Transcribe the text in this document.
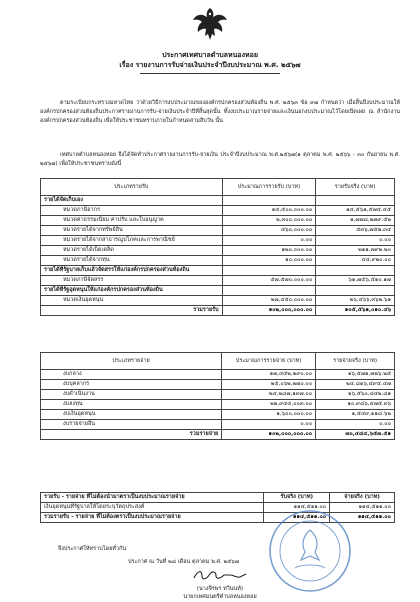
ประกาศเทศบาลตำบลหนองหอย
เรื่อง รายงานการรับจ่ายเงินประจำปีงบประมาณ พ.ศ. ๒๕๖๗
ตามระเบียบกระทรวงมหาดไทย ว่าด้วยวิธีการงบประมาณขององค์กรปกครองส่วนท้องถิ่น พ.ศ. ๒๕๖๓ ข้อ ๙๗ กำหนดว่า เมื่อสิ้นปีงบประมาณให้องค์กรปกครองส่วนท้องถิ่นประกาศรายงานการรับ-จ่ายเงินประจำปีที่สิ้นสุดนั้น ทั้งงบประมาณรายจ่ายและเงินนอกงบประมาณไว้โดยเปิดเผย ณ สำนักงานองค์กรปกครองส่วนท้องถิ่น เพื่อให้ประชาชนทราบภายในกำหนดสามสิบวัน นั้น
เทศบาลตำบลหนองหอย จึงได้จัดทำประกาศรายงานการรับ-จ่ายเงิน ประจำปีงบประมาณ พ.ศ.๒๕๖๗(๑ ตุลาคม พ.ศ. ๒๕๖๖ - ๓๐ กันยายน พ.ศ. ๒๕๖๗) เพื่อให้ประชาชนทราบดังนี้
ประเภทรายรับ	ประมาณการรายรับ (บาท)	รายรับจริง (บาท)
รายได้จัดเก็บเอง		
หมวดภาษีอากร	๑๔,๕๐๐,๐๐๐.๐๐	๑๔,๕๖๑,๕๗๔.๔๕
หมวดค่าธรรมเนียม ค่าปรับ และใบอนุญาต	๒,๓๐๐,๐๐๐.๐๐	๑,๗๗๘,๒๗๙.๕๒
หมวดรายได้จากทรัพย์สิน	๔๖๐,๐๐๐.๐๐	๕๓๖,๗๕๒.๓๔
หมวดรายได้จากสาธารณูปโภคและการพาณิชย์	๐.๐๐	๐.๐๐
หมวดรายได้เบ็ดเตล็ด	๑๒๐,๐๐๐.๐๐	๒๑๑,๗๙๒.๒๐
หมวดรายได้จากทุน	๑๐,๐๐๐.๐๐	๔๔,๙๒๐.๐๐
รายได้ที่รัฐบาลเก็บแล้วจัดสรรให้แก่องค์กรปกครองส่วนท้องถิ่น		
หมวดภาษีจัดสรร	๕๗,๕๗๐,๐๐๐.๐๐	๖๑,๗๕๖,๕๑๐.๑๗
รายได้ที่รัฐอุดหนุนให้แก่องค์กรปกครองส่วนท้องถิ่น		
หมวดเงินอุดหนุน	๒๗,๔๕๐,๐๐๐.๐๐	๒๖,๔๖๖,๓๖๒.๖๑
รวมรายรับ	๑๐๒,๐๐๐,๐๐๐.๐๐	๑๐๕,๕๖๑,๐๑๐.๔๖
ประเภทรายจ่าย	ประมาณการรายจ่าย (บาท)	รายจ่ายจริง (บาท)
งบกลาง	๑๗,๔๕๒,๒๙๐.๐๐	๑๖,๕๗๑,๗๒๖.๒๕
งบบุคลากร	๒๕,๐๖๒,๒๗๐.๐๐	๒๔,๘๑๖,๔๙๔.๔๗
งบดำเนินงาน	๒๔,๒๘๗,๑๓๗.๐๐	๑๖,๕๖๐,๘๔๒.๘๑
งบลงทุน	๒๒,๙๔๔,๐๐๓.๐๐	๑๐,๙๘๖,๔๗๕.๓๖
งบเงินอุดหนุน	๑,๖๐๐,๐๐๐.๐๐	๑,๕๔๙,๑๑๘.๖๒
งบรายจ่ายอื่น	๐.๐๐	๐.๐๐
รวมรายจ่าย	๑๐๒,๐๐๐,๐๐๐.๐๐	๗๐,๔๘๔,๖๕๗.๕๑
รายรับ - รายจ่าย ที่ไม่ต้องนำมาตราเป็นงบประมาณรายจ่าย	รับจริง (บาท)	จ่ายจริง (บาท)
เงินอุดหนุนที่รัฐบาลให้โดยระบุวัตถุประสงค์	๑๑๔,๕๑๑.๐๐	๑๑๔,๕๑๑.๐๐
รวมรายรับ - รายจ่าย ที่ไม่ต้องตราเป็นงบประมาณรายจ่าย	๑๑๔,๕๑๑.๐๐	๑๑๔,๕๑๑.๐๐
จึงประกาศให้ทราบโดยทั่วกัน
ประกาศ ณ วันที่ ๒๘ เดือน ตุลาคม พ.ศ. ๒๕๖๗
(นางจีรพร ทวีนนท์)
นายกเทศมนตรีตำบลหนองหอย
